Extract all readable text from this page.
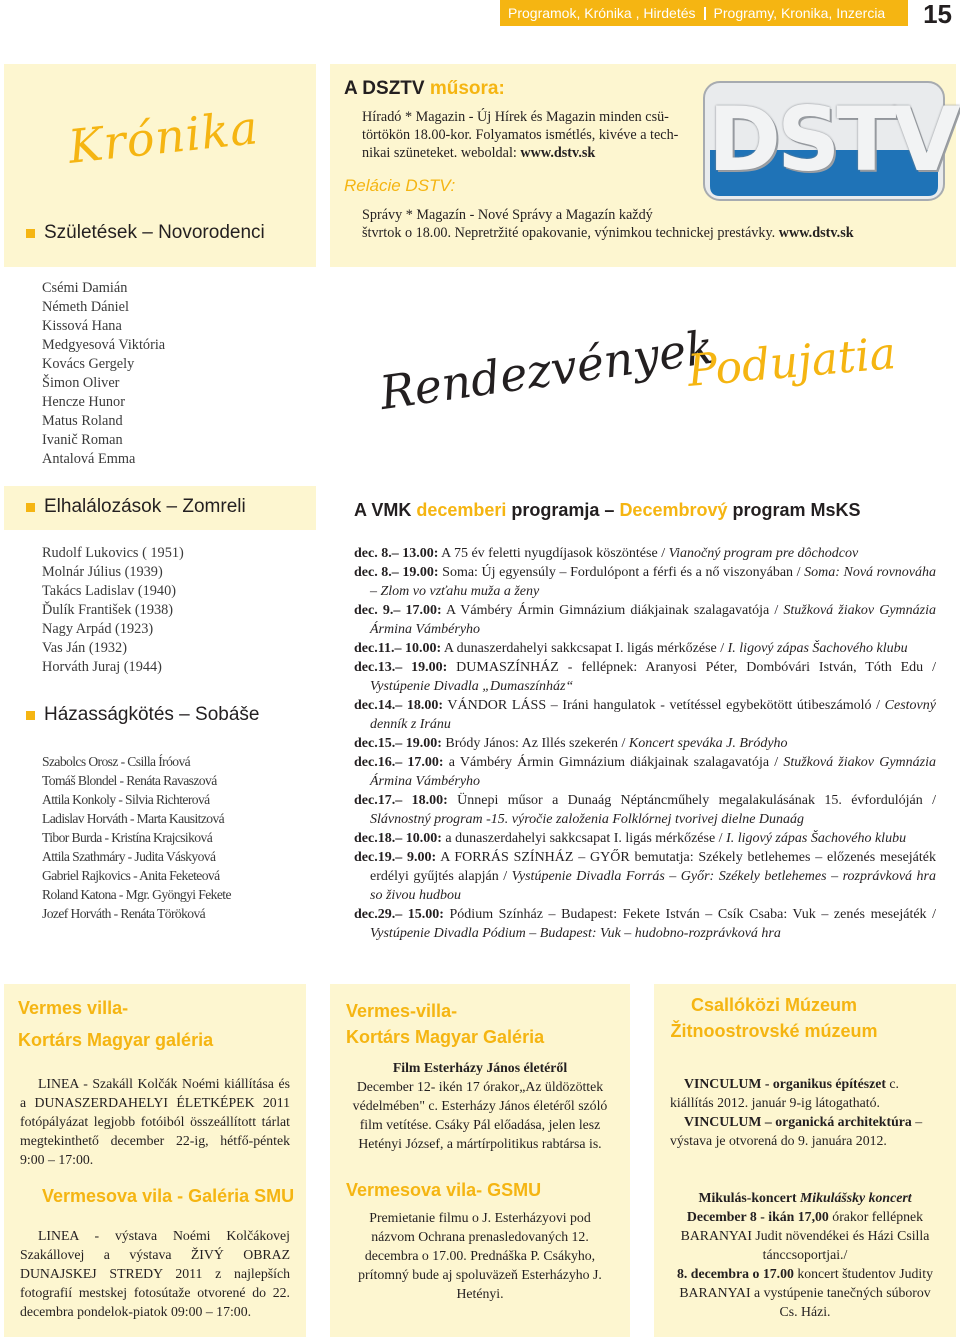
Programok, Krónika , Hirdetés Programy, Kronika, Inzercia	15
Krónika
Születések – Novorodenci
Csémi Damián
Németh Dániel
Kissová Hana
Medgyesová Viktória
Kovács Gergely
Šimon Oliver
Hencze Hunor
Matus Roland
Ivanič Roman
Antalová Emma
Elhalálozások – Zomreli
Rudolf Lukovics ( 1951)
Molnár Július (1939)
Takács Ladislav (1940)
Ďulík František (1938)
Nagy Arpád (1923)
Vas Ján (1932)
Horváth Juraj (1944)
Házasságkötés – Sobáše
Szabolcs Orosz - Csilla Íróová
Tomáš Blondel - Renáta Ravaszová
Attila Konkoly - Silvia Richterová
Ladislav Horváth - Marta Kausitzová
Tibor Burda - Kristína Krajcsiková
Attila Szathmáry - Judita Váskyová
Gabriel Rajkovics - Anita Feketeová
Roland Katona - Mgr. Gyöngyi Fekete
Jozef Horváth - Renáta Töröková
A DSZTV műsora:
Híradó * Magazin - Új Hírek és Magazin minden csü-
törtökön 18.00-kor. Folyamatos ismétlés, kivéve a tech-
nikai szüneteket. weboldal: www.dstv.sk
Relácie DSTV:
Správy * Magazín - Nové Správy a Magazín každý
štvrtok o 18.00. Nepretržité opakovanie, výnimkou technickej prestávky. www.dstv.sk
DSTV
Rendezvények
Podujatia
A VMK decemberi programja – Decembrový program MsKS
dec. 8.– 13.00: A 75 év feletti nyugdíjasok köszöntése / Vianočný program pre dôchodcov
dec. 8.– 19.00: Soma: Új egyensúly – Fordulópont a férfi és a nő viszonyában / Soma: Nová rovnováha – Zlom vo vzťahu muža a ženy
dec. 9.– 17.00: A Vámbéry Ármin Gimnázium diákjainak szalagavatója / Stužková žiakov Gymnázia Ármina Vámbéryho
dec.11.– 10.00: A dunaszerdahelyi sakkcsapat I. ligás mérkőzése / I. ligový zápas Šachového klubu
dec.13.– 19.00: DUMASZÍNHÁZ - fellépnek: Aranyosi Péter, Dombóvári István, Tóth Edu / Vystúpenie Divadla „Dumaszínház“
dec.14.– 18.00: VÁNDOR LÁSS – Iráni hangulatok - vetítéssel egybekötött útibeszámoló / Cestovný denník z Iránu
dec.15.– 19.00: Bródy János: Az Illés szekerén / Koncert speváka J. Bródyho
dec.16.– 17.00: a Vámbéry Ármin Gimnázium diákjainak szalagavatója / Stužková žiakov Gymnázia Ármina Vámbéryho
dec.17.– 18.00: Ünnepi műsor a Dunaág Néptáncműhely megalakulásának 15. évfordulóján / Slávnostný program -15. výročie založenia Folklórnej tvorivej dielne Dunaág
dec.18.– 10.00: a dunaszerdahelyi sakkcsapat I. ligás mérkőzése / I. ligový zápas Šachového klubu
dec.19.– 9.00: A FORRÁS SZÍNHÁZ – GYŐR bemutatja: Székely betlehemes – előzenés mesejáték erdélyi gyűjtés alapján / Vystúpenie Divadla Forrás – Győr: Székely betlehemes – rozprávková hra so živou hudbou
dec.29.– 15.00: Pódium Színház – Budapest: Fekete István – Csík Csaba: Vuk – zenés mesejáték / Vystúpenie Divadla Pódium – Budapest: Vuk – hudobno-rozprávková hra
Vermes villa-
Kortárs Magyar galéria
LINEA - Szakáll Kolčák Noémi kiállítása és a DUNASZERDAHELYI ÉLETKÉPEK 2011 fotópályázat legjobb fotóiból összeállított tárlat megtekinthető december 22-ig, hétfő-péntek 9:00 – 17:00.
Vermesova vila - Galéria SMU
LINEA - výstava Noémi Kolčákovej Szakállovej a výstava ŽIVÝ OBRAZ DUNAJSKEJ STREDY 2011 z najlepších fotografií mestskej fotosútaže otvorené do 22. decembra pondelok-piatok 09:00 – 17:00.
Vermes-villa-
Kortárs Magyar Galéria
Film Esterházy János életéről
December 12- ikén 17 órakor„Az üldözöttek védelmében" c. Esterházy János életéről szóló film vetítése. Csáky Pál előadása, jelen lesz Hetényi József, a mártírpolitikus rabtársa is.
Vermesova vila- GSMU
Premietanie filmu o J. Esterházyovi pod názvom Ochrana prenasledovaných 12. decembra o 17.00. Prednáška P. Csákyho, prítomný bude aj spoluväzeň Esterházyho J. Hetényi.
Csallóközi Múzeum
Žitnoostrovské múzeum
VINCULUM - organikus építészet c. kiállítás 2012. január 9-ig látogatható.
VINCULUM – organická architektúra – výstava je otvorená do 9. januára 2012.
Mikulás-koncert Mikulášsky koncert
December 8 - ikán 17,00 órakor fellépnek BARANYAI Judit növendékei és Házi Csilla tánccsoportjai./
8. decembra o 17.00 koncert študentov Judity BARANYAI a vystúpenie tanečných súborov Cs. Házi.
